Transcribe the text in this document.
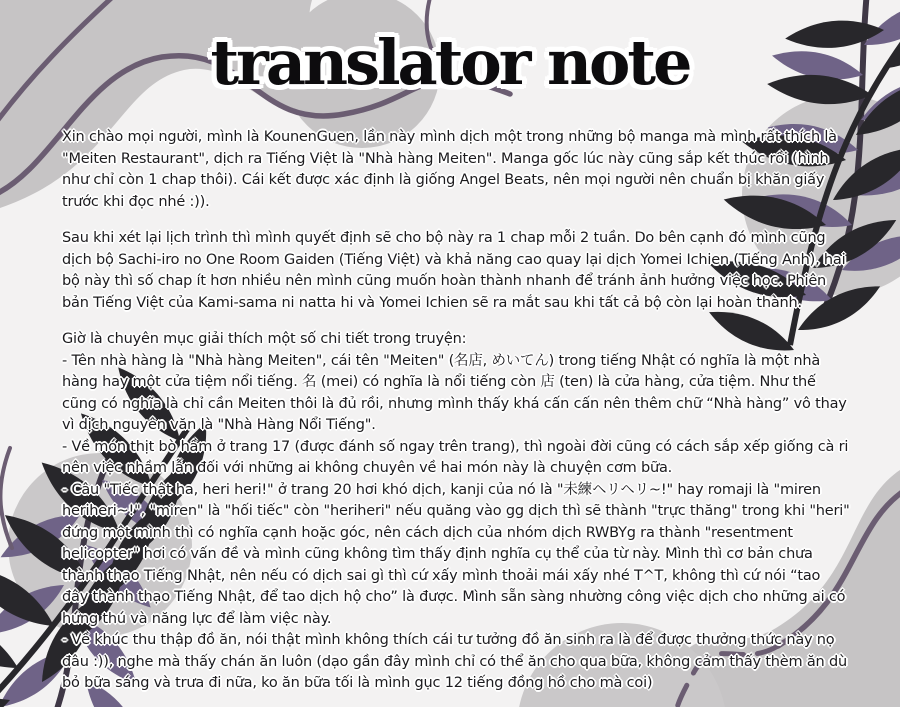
translator note

Xin chào mọi người, mình là KounenGuen, lần này mình dịch một trong những bộ manga mà mình rất thích là "Meiten Restaurant", dịch ra Tiếng Việt là "Nhà hàng Meiten". Manga gốc lúc này cũng sắp kết thúc rồi (hình như chỉ còn 1 chap thôi). Cái kết được xác định là giống Angel Beats, nên mọi người nên chuẩn bị khăn giấy trước khi đọc nhé :)).

Sau khi xét lại lịch trình thì mình quyết định sẽ cho bộ này ra 1 chap mỗi 2 tuần. Do bên cạnh đó mình cũng dịch bộ Sachi-iro no One Room Gaiden (Tiếng Việt) và khả năng cao quay lại dịch Yomei Ichien (Tiếng Anh), hai bộ này thì số chap ít hơn nhiều nên mình cũng muốn hoàn thành nhanh để tránh ảnh hưởng việc học. Phiên bản Tiếng Việt của Kami-sama ni natta hi và Yomei Ichien sẽ ra mắt sau khi tất cả bộ còn lại hoàn thành.

Giờ là chuyên mục giải thích một số chi tiết trong truyện:

- Tên nhà hàng là "Nhà hàng Meiten", cái tên "Meiten" (名店, めいてん) trong tiếng Nhật có nghĩa là một nhà hàng hay một cửa tiệm nổi tiếng. 名 (mei) có nghĩa là nổi tiếng còn 店 (ten) là cửa hàng, cửa tiệm. Như thế cũng có nghĩa là chỉ cần Meiten thôi là đủ rồi, nhưng mình thấy khá cấn cấn nên thêm chữ “Nhà hàng” vô thay vì dịch nguyên văn là "Nhà Hàng Nổi Tiếng".

- Về món thịt bò hầm ở trang 17 (được đánh số ngay trên trang), thì ngoài đời cũng có cách sắp xếp giống cà ri nên việc nhầm lẫn đối với những ai không chuyên về hai món này là chuyện cơm bữa.

- Câu "Tiếc thật ha, heri heri!" ở trang 20 hơi khó dịch, kanji của nó là "未練ヘリヘリ~!" hay romaji là "miren heriheri~!", "miren" là "hối tiếc" còn "heriheri" nếu quăng vào gg dịch thì sẽ thành "trực thăng" trong khi "heri" đứng một mình thì có nghĩa cạnh hoặc góc, nên cách dịch của nhóm dịch RWBYg ra thành "resentment helicopter" hơi có vấn đề và mình cũng không tìm thấy định nghĩa cụ thể của từ này. Mình thì cơ bản chưa thành thạo Tiếng Nhật, nên nếu có dịch sai gì thì cứ xấy mình thoải mái xấy nhé T^T, không thì cứ nói “tao đây thành thạo Tiếng Nhật, để tao dịch hộ cho” là được. Mình sẵn sàng nhường công việc dịch cho những ai có hứng thú và năng lực để làm việc này.

- Về khúc thu thập đồ ăn, nói thật mình không thích cái tư tưởng đồ ăn sinh ra là để được thưởng thức này nọ đâu :)), nghe mà thấy chán ăn luôn (dạo gần đây mình chỉ có thể ăn cho qua bữa, không cảm thấy thèm ăn dù bỏ bữa sáng và trưa đi nữa, ko ăn bữa tối là mình gục 12 tiếng đồng hồ cho mà coi)
